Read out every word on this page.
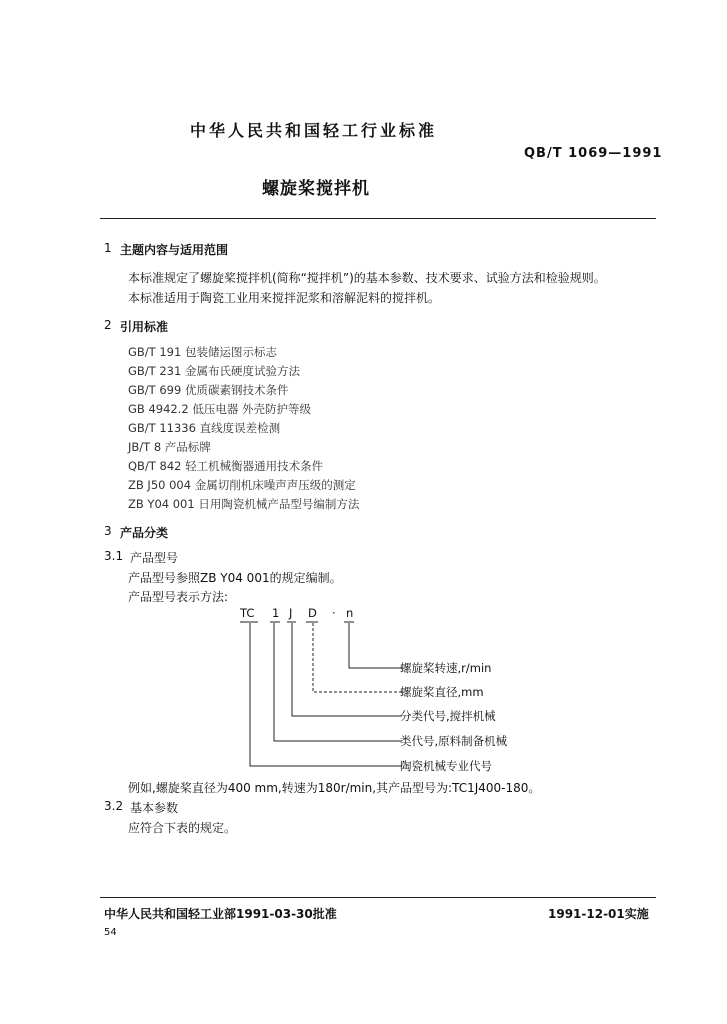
中华人民共和国轻工行业标准
QB/T 1069—1991
螺旋桨搅拌机
1 主题内容与适用范围
本标准规定了螺旋桨搅拌机(简称“搅拌机”)的基本参数、技术要求、试验方法和检验规则。
本标准适用于陶瓷工业用来搅拌泥浆和溶解泥料的搅拌机。
2 引用标准
GB/T 191 包装储运图示标志
GB/T 231 金属布氏硬度试验方法
GB/T 699 优质碳素钢技术条件
GB 4942.2 低压电器 外壳防护等级
GB/T 11336 直线度误差检测
JB/T 8 产品标牌
QB/T 842 轻工机械衡器通用技术条件
ZB J50 004 金属切削机床噪声声压级的测定
ZB Y04 001 日用陶瓷机械产品型号编制方法
3 产品分类
3.1 产品型号
产品型号参照ZB Y04 001的规定编制。
产品型号表示方法:
TC 1 J D · n
螺旋桨转速,r/min
螺旋桨直径,mm
分类代号,搅拌机械
类代号,原料制备机械
陶瓷机械专业代号
例如,螺旋桨直径为400 mm,转速为180r/min,其产品型号为:TC1J400-180。
3.2 基本参数
应符合下表的规定。
中华人民共和国轻工业部1991-03-30批准	1991-12-01实施
54
